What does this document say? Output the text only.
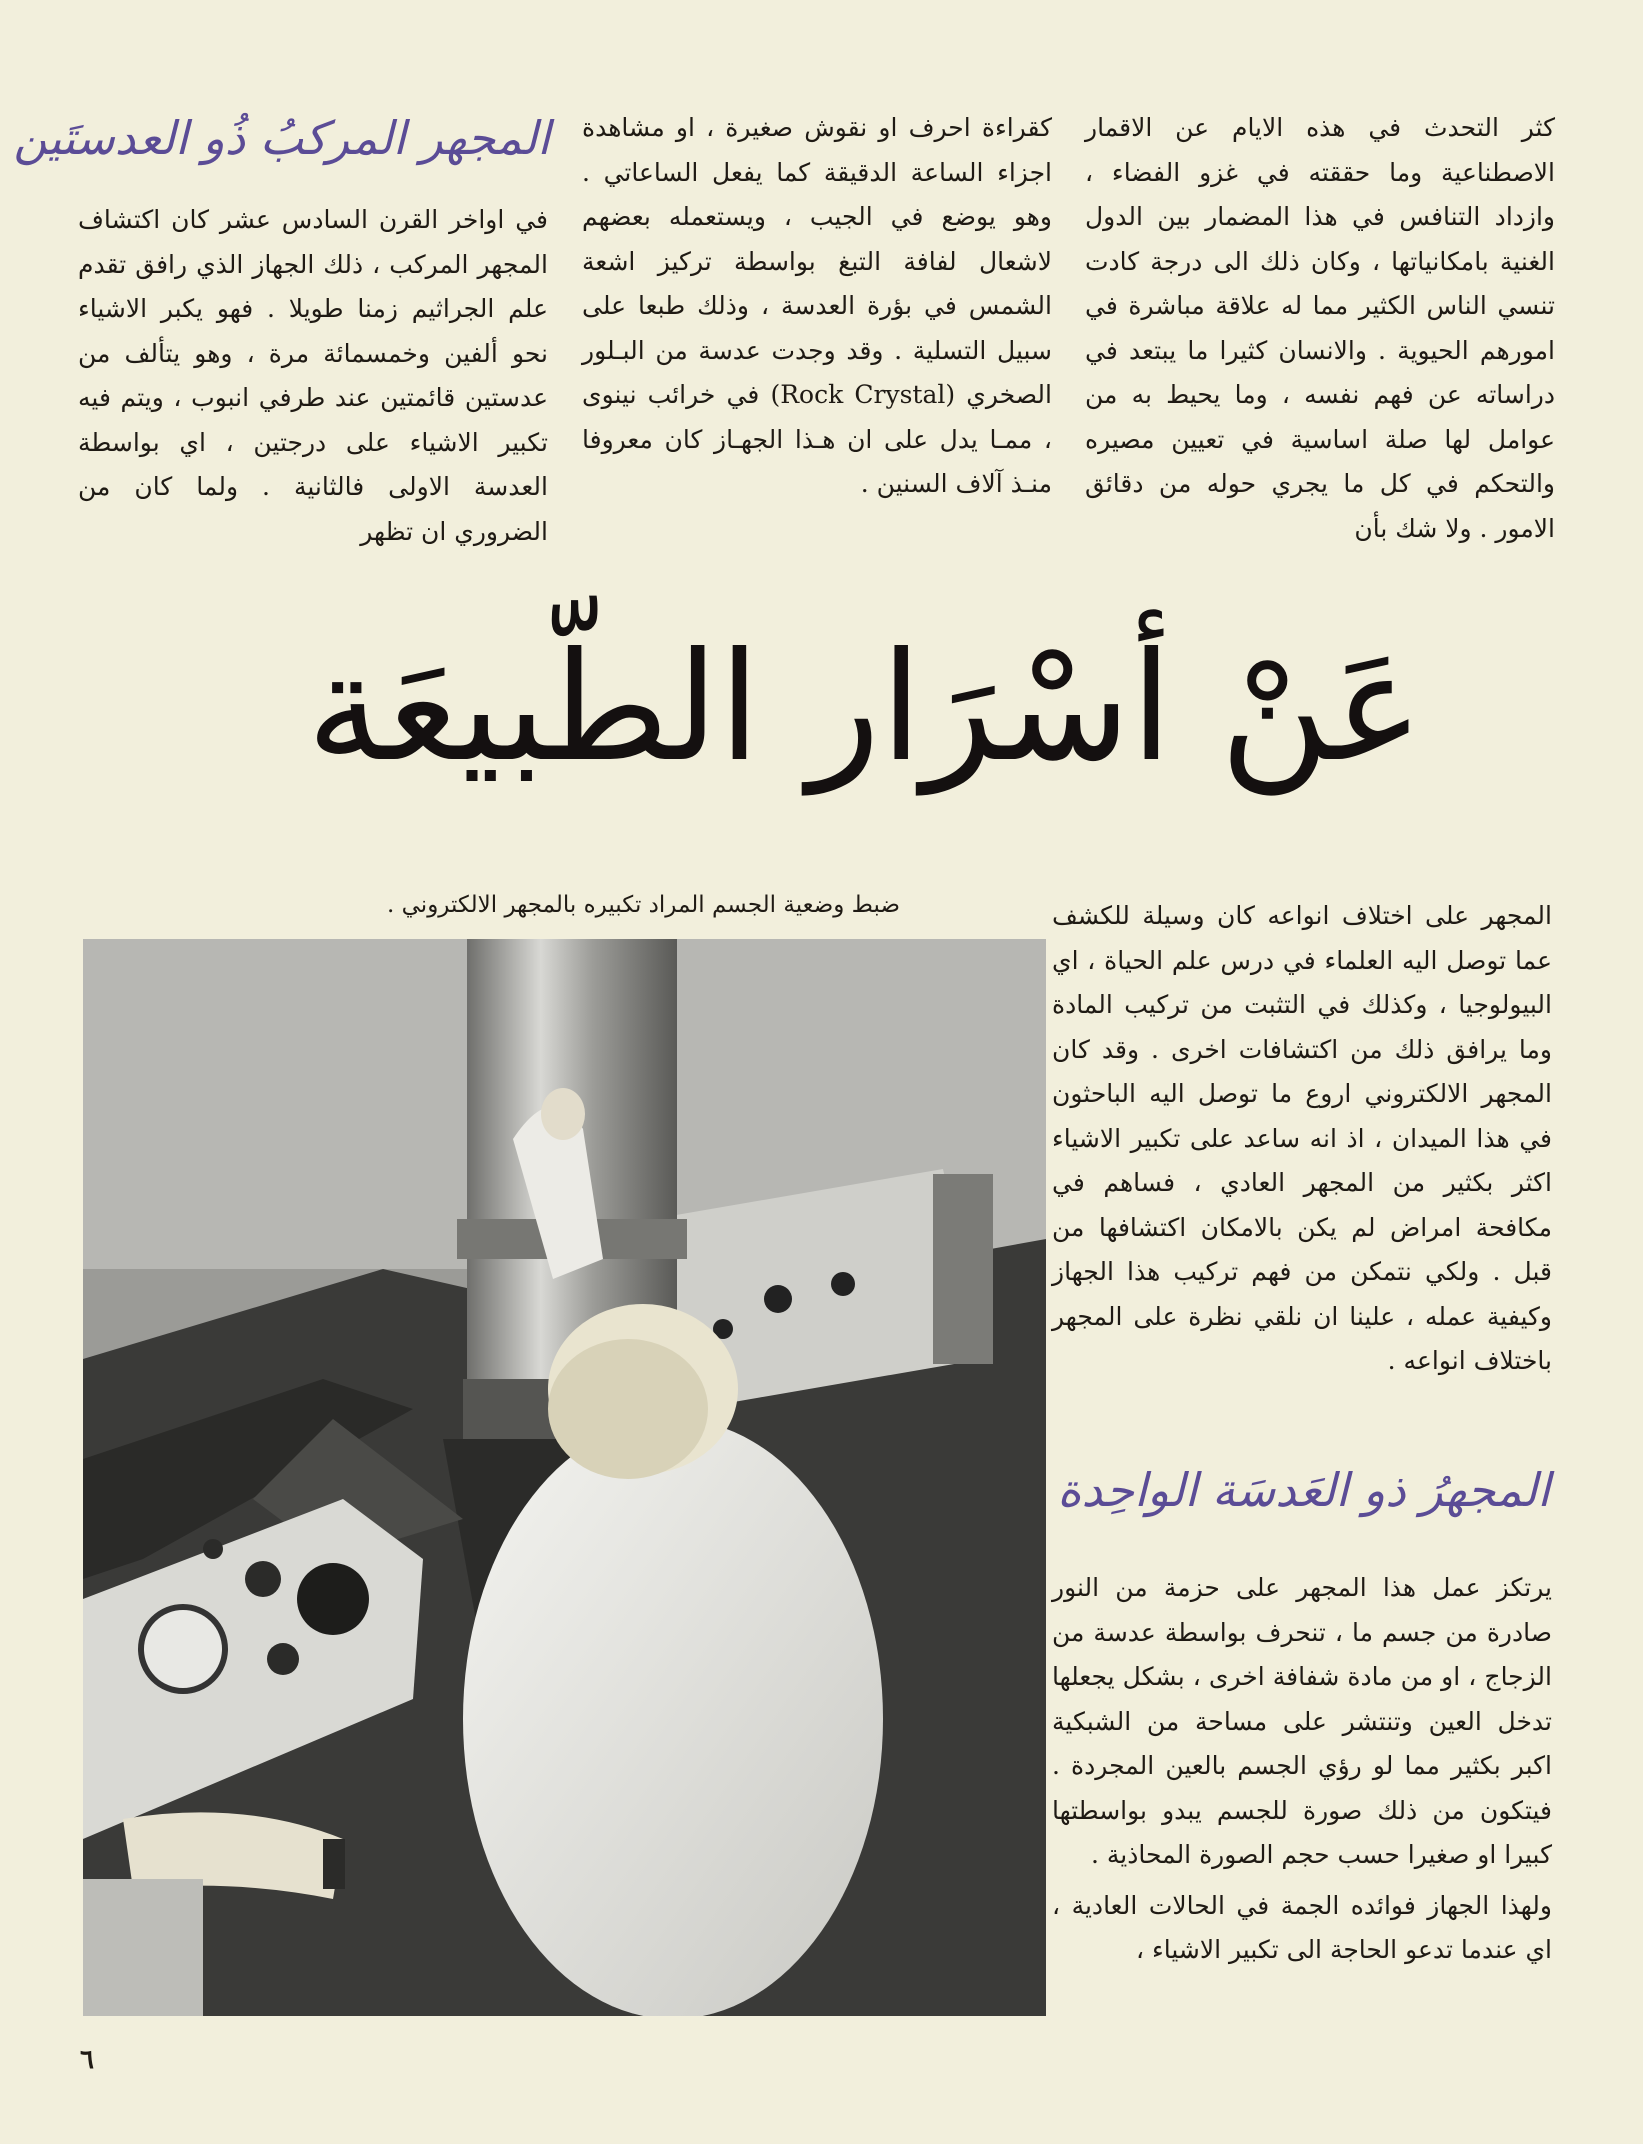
عَنْ أسْرَار الطّبيعَة
المجهر المركبُ ذُو العدستَين	كثر التحدث في هذه الايام عن الاقمار الاصطناعية وما حققته في غزو الفضاء ، وازداد التنافس في هذا المضمار بين الدول الغنية بامكانياتها ، وكان ذلك الى درجة كادت تنسي الناس الكثير مما له علاقة مباشرة في امورهم الحيوية . والانسان كثيرا ما يبتعد في دراساته عن فهم نفسه ، وما يحيط به من عوامل لها صلة اساسية في تعيين مصيره والتحكم في كل ما يجري حوله من دقائق الامور . ولا شك بأن

كقراءة احرف او نقوش صغيرة ، او مشاهدة اجزاء الساعة الدقيقة كما يفعل الساعاتي . وهو يوضع في الجيب ، ويستعمله بعضهم لاشعال لفافة التبغ بواسطة تركيز اشعة الشمس في بؤرة العدسة ، وذلك طبعا على سبيل التسلية . وقد وجدت عدسة من البـلور الصخري (Rock Crystal) في خرائب نينوى ، ممـا يدل على ان هـذا الجهـاز كان معروفا منـذ آلاف السنين .

في اواخر القرن السادس عشر كان اكتشاف المجهر المركب ، ذلك الجهاز الذي رافق تقدم علم الجراثيم زمنا طويلا . فهو يكبر الاشياء نحو ألفين وخمسمائة مرة ، وهو يتألف من عدستين قائمتين عند طرفي انبوب ، ويتم فيه تكبير الاشياء على درجتين ، اي بواسطة العدسة الاولى فالثانية . ولما كان من الضروري ان تظهر

ضبط وضعية الجسم المراد تكبيره بالمجهر الالكتروني .	المجهر على اختلاف انواعه كان وسيلة للكشف عما توصل اليه العلماء في درس علم الحياة ، اي البيولوجيا ، وكذلك في التثبت من تركيب المادة وما يرافق ذلك من اكتشافات اخرى . وقد كان المجهر الالكتروني اروع ما توصل اليه الباحثون في هذا الميدان ، اذ انه ساعد على تكبير الاشياء اكثر بكثير من المجهر العادي ، فساهم في مكافحة امراض لم يكن بالامكان اكتشافها من قبل . ولكي نتمكن من فهم تركيب هذا الجهاز وكيفية عمله ، علينا ان نلقي نظرة على المجهر باختلاف انواعه .

المجهرُ ذو العَدسَة الواحِدة

يرتكز عمل هذا المجهر على حزمة من النور صادرة من جسم ما ، تنحرف بواسطة عدسة من الزجاج ، او من مادة شفافة اخرى ، بشكل يجعلها تدخل العين وتنتشر على مساحة من الشبكية اكبر بكثير مما لو رؤي الجسم بالعين المجردة . فيتكون من ذلك صورة للجسم يبدو بواسطتها كبيرا او صغيرا حسب حجم الصورة المحاذية .

ولهذا الجهاز فوائده الجمة في الحالات العادية ، اي عندما تدعو الحاجة الى تكبير الاشياء ،

٦
